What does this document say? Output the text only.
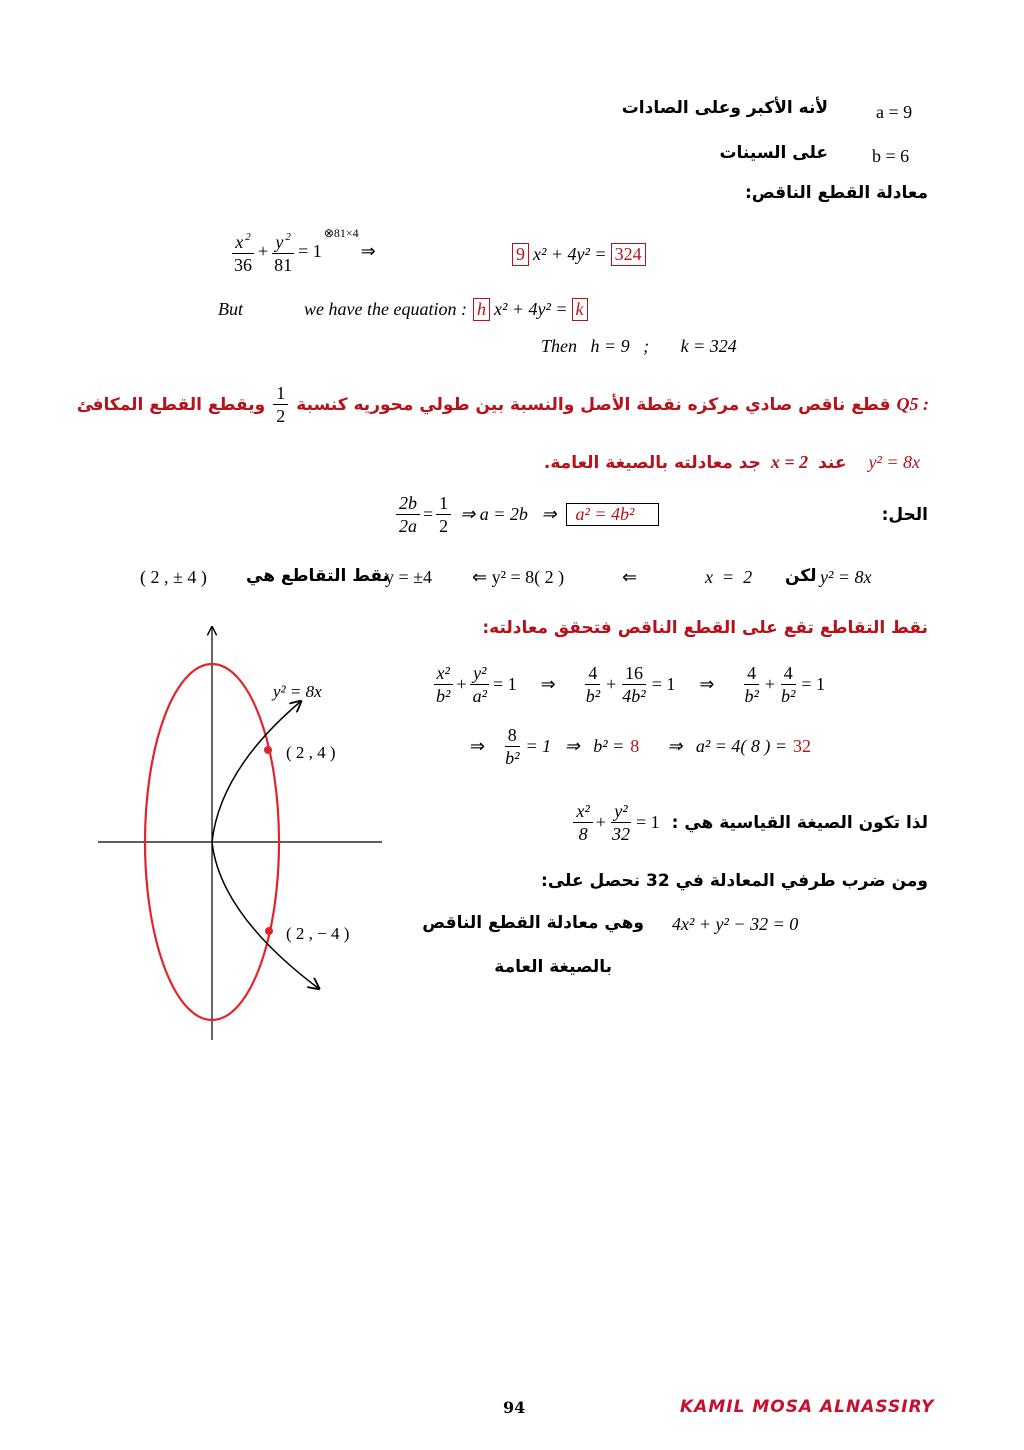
a = 9
لأنه الأكبر وعلى الصادات
b = 6
على السينات
معادلة القطع الناقص:
$\frac{x ^2}{36} + \frac{y ^2}{81} = 1$
⊗81×4
⇒	9 x² + 4y² = 324
But	we have the equation : h x² + 4y² = k
Then   h = 9   ;       k = 324
Q5 :
قطع ناقص صادي مركزه نقطة الأصل والنسبة بين طولي محوريه كنسبة
$\frac{1}{2}$
ويقطع القطع المكافئ
y² = 8x
عند
x = 2
جد معادلته بالصيغة العامة.
الحل:
$\frac{2b}{2a} = \frac{1}{2}$ ⇒ a = 2b   ⇒	a² = 4b²
( 2 , ± 4 ) نقط التقاطع هي
y = ±4 ⇐ y² = 8( 2 )	⇐	x  =  2 لكن y² = 8x
نقط التقاطع تقع على القطع الناقص فتحقق معادلته:
$\frac{\text{x²}}{\text{b²}} + \frac{\text{y²}}{\text{a²}} = 1$ ⇒ $\frac{4}{\text{b²}} + \frac{16}{\text{4b²}} = 1$ ⇒ $\frac{4}{\text{b²}} + \frac{4}{\text{b²}} = 1$
⇒ $\frac{8}{\text{b²}} = 1$   ⇒   b² = 8 ⇒   a² = 4( 8 ) = 32
لذا تكون الصيغة القياسية هي :
$\frac{\text{x²}}{8} + \frac{\text{y²}}{32} = 1$
ومن ضرب طرفي المعادلة في 32 نحصل على:
4x² + y² − 32 = 0
وهي معادلة القطع الناقص
بالصيغة العامة
y² = 8x
( 2 , 4 )
( 2 , − 4 )
94	KAMIL MOSA ALNASSIRY
